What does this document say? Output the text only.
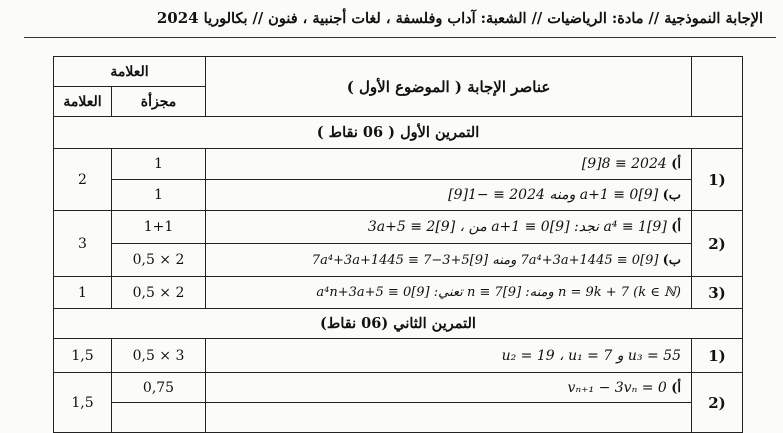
الإجابة النموذجية // مادة: الرياضيات // الشعبة: آداب وفلسفة ، لغات أجنبية ، فنون // بكالوريا 2024
العلامة		عناصر الإجابة ( الموضوع الأول )	
العلامة	مجزأة		
التمرين الأول ( 06 نقاط )			
2	1	أ) 2024 ≡ 8[9]	1)
	1	ب) a+1 ≡ 0[9] ومنه 2024 ≡ −1[9]	
3	1+1	أ) a⁴ ≡ 1[9] نجد: a+1 ≡ 0[9] من ، 3a+5 ≡ 2[9]	2)
	0,5 × 2	ب) 7a⁴+3a+1445 ≡ 0[9] ومنه 7a⁴+3a+1445 ≡ 7−3+5[9]	
1	0,5 × 2	(k ∈ ℕ) n = 9k + 7 ومنه: n ≡ 7[9] تعني: a⁴n+3a+5 ≡ 0[9]	3)
التمرين الثاني (06 نقاط)			
1,5	0,5 × 3	u₃ = 55 و u₂ = 19 ، u₁ = 7	1)
1,5	0,75	أ) vₙ₊₁ − 3vₙ = 0	2)
